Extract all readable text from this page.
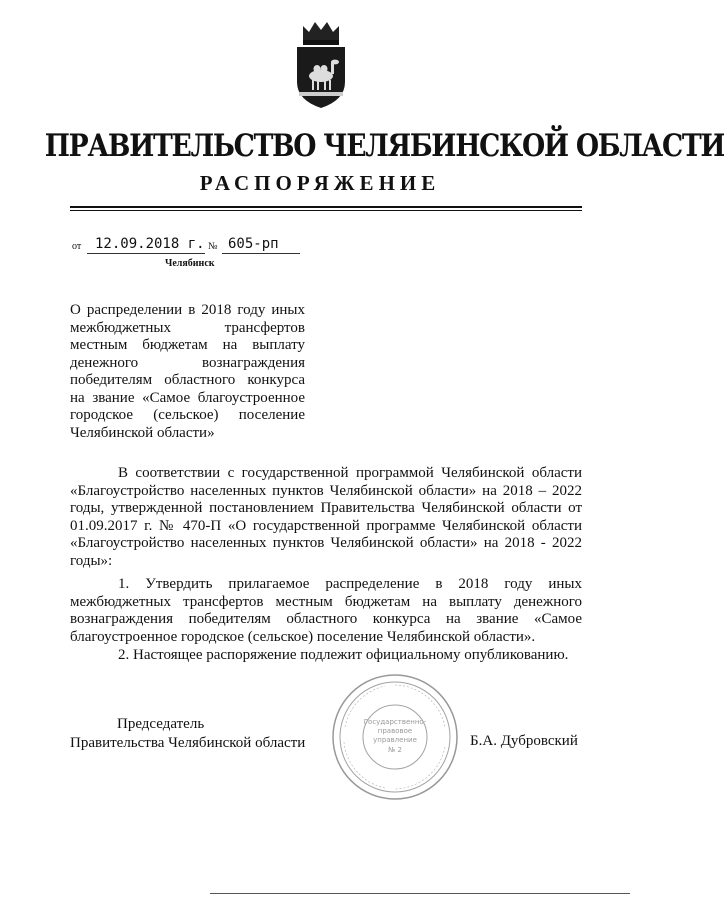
ПРАВИТЕЛЬСТВО ЧЕЛЯБИНСКОЙ ОБЛАСТИ
РАСПОРЯЖЕНИЕ
от 12.09.2018 г. № 605-рп
Челябинск
О распределении в 2018 году иных межбюджетных трансфертов местным бюджетам на выплату денежного вознаграждения победителям областного конкурса на звание «Самое благоустроенное городское (сельское) поселение Челябинской области»
В соответствии с государственной программой Челябинской области «Благоустройство населенных пунктов Челябинской области» на 2018 – 2022 годы, утвержденной постановлением Правительства Челябинской области от 01.09.2017 г. № 470-П «О государственной программе Челябинской области «Благоустройство населенных пунктов Челябинской области» на 2018 - 2022 годы»:
1. Утвердить прилагаемое распределение в 2018 году иных межбюджетных трансфертов местным бюджетам на выплату денежного вознаграждения победителям областного конкурса на звание «Самое благоустроенное городское (сельское) поселение Челябинской области».
2. Настоящее распоряжение подлежит официальному опубликованию.
Председатель
Правительства Челябинской области	Б.А. Дубровский
Государственно-
правовое
управление
№ 2
